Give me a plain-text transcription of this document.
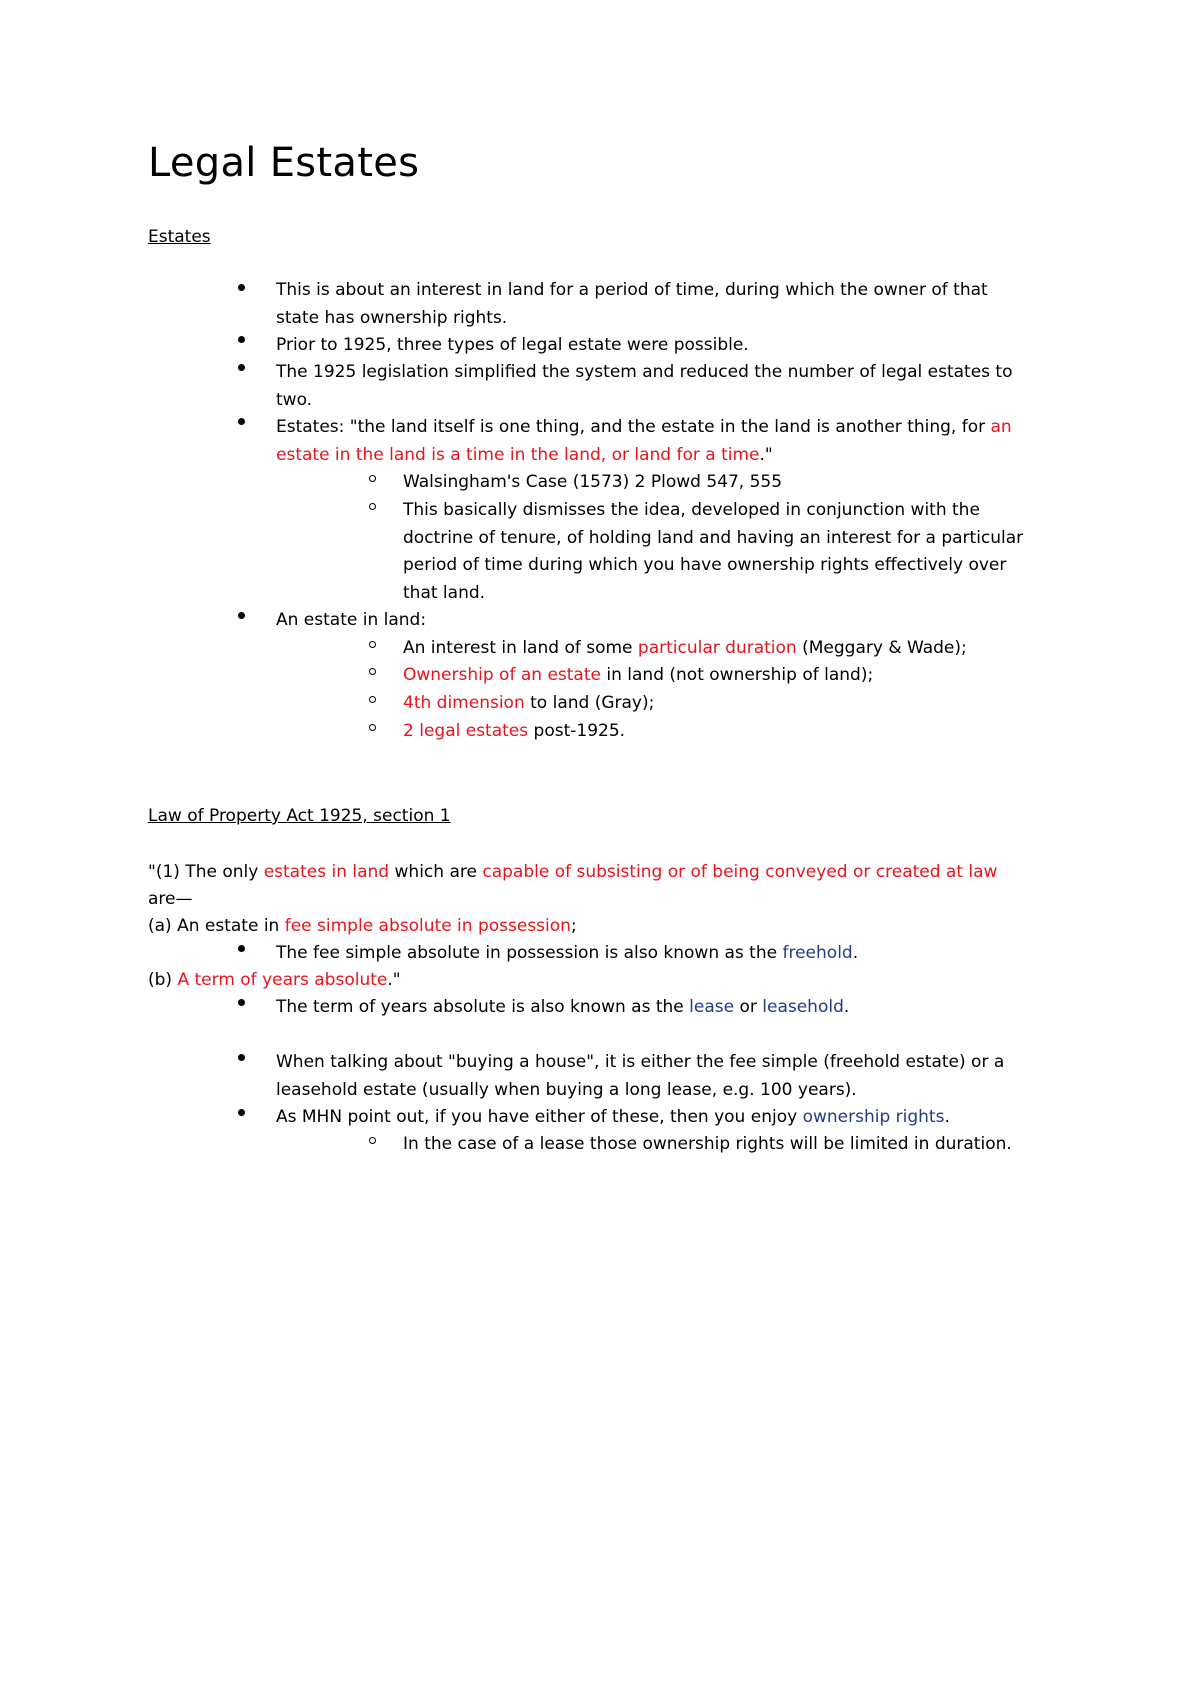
Legal Estates
Estates
This is about an interest in land for a period of time, during which the owner of that
state has ownership rights.
Prior to 1925, three types of legal estate were possible.
The 1925 legislation simplified the system and reduced the number of legal estates to
two.
Estates: "the land itself is one thing, and the estate in the land is another thing, for an
estate in the land is a time in the land, or land for a time."
Walsingham's Case (1573) 2 Plowd 547, 555
This basically dismisses the idea, developed in conjunction with the
doctrine of tenure, of holding land and having an interest for a particular
period of time during which you have ownership rights effectively over
that land.
An estate in land:
An interest in land of some particular duration (Meggary & Wade);
Ownership of an estate in land (not ownership of land);
4th dimension to land (Gray);
2 legal estates post-1925.
Law of Property Act 1925, section 1
"(1) The only estates in land which are capable of subsisting or of being conveyed or created at law
are—
(a) An estate in fee simple absolute in possession;
The fee simple absolute in possession is also known as the freehold.
(b) A term of years absolute."
The term of years absolute is also known as the lease or leasehold.
When talking about "buying a house", it is either the fee simple (freehold estate) or a
leasehold estate (usually when buying a long lease, e.g. 100 years).
As MHN point out, if you have either of these, then you enjoy ownership rights.
In the case of a lease those ownership rights will be limited in duration.
